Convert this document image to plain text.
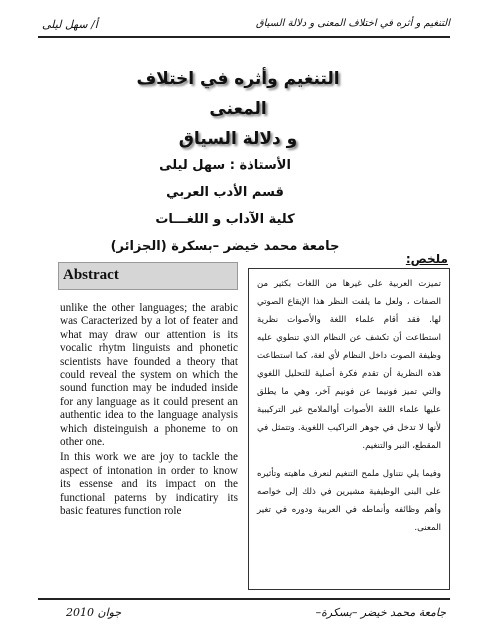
أ/ سهل ليلى	التنغيم و أثره في اختلاف المعنى و دلالة السياق
التنغيم وأثره في اختلاف المعنى
و دلالة السياق
الأستاذة : سهل ليلى
قسم الأدب العربي
كلية الآداب و اللغـــات
جامعة محمد خيضر –بسكرة (الجزائر)
Abstract

unlike the other languages; the arabic was Caracterized by a lot of feater and what may draw our attention is its vocalic rhytm linguists and phonetic scientists have founded a theory that could reveal the system on which the sound function may be induded inside for any language as it could present an authentic idea to the language analysis which disteinguish a phoneme to on other one.

In this work we are joy to tackle the aspect of intonation in order to know its essense and its impact on the functional paterns by indicatiry its basic features function role

ملخص:

تميزت العربية على غيرها من اللغات بكثير من الصفات ، ولعل ما يلفت النظر هذا الإيقاع الصوتي لها. فقد أقام علماء اللغة والأصوات نظرية استطاعت أن تكشف عن النظام الذي تنطوي عليه وظيفة الصوت داخل النظام لأي لغة، كما استطاعت هذه النظرية أن تقدم فكرة أصلية للتحليل اللغوي والتي تميز فونيما عن فونيم آخر، وهي ما يطلق عليها علماء اللغة الأصوات أوالملامح غير التركيبية لأنها لا تدخل في جوهر التراكيب اللغوية. وتتمثل في المقطع، النبر والتنغيم.

وفيما يلي نتناول ملمح التنغيم لنعرف ماهيته وتأثيره على البنى الوظيفية مشيرين في ذلك إلى خواصه وأهم وظائفه وأنماطه في العربية ودوره في تغير المعنى.

جوان 2010	جامعة محمد خيضر –بسكرة–
